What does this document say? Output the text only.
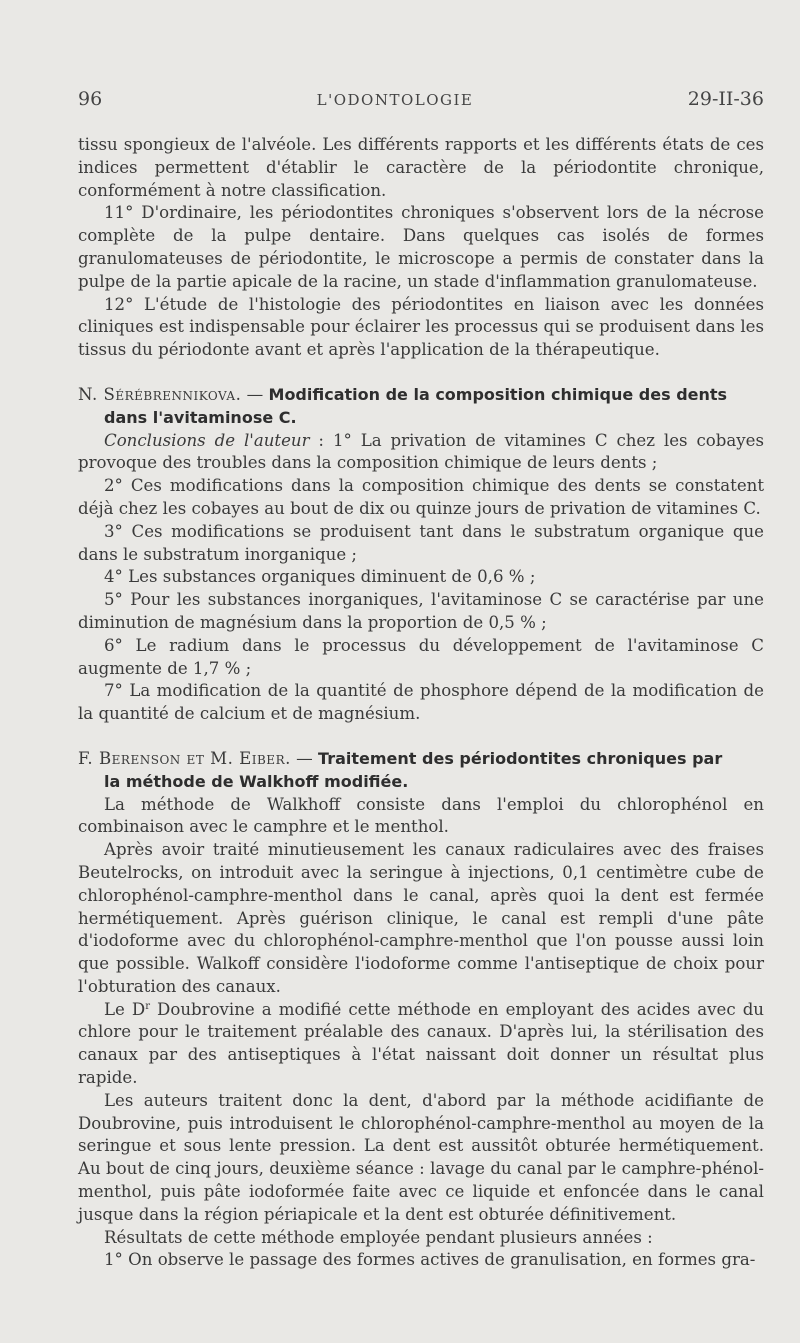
96	L'ODONTOLOGIE	29-II-36

tissu spongieux de l'alvéole. Les différents rapports et les différents états de ces indices permettent d'établir le caractère de la périodontite chronique, conformément à notre classification.

11° D'ordinaire, les périodontites chroniques s'observent lors de la nécrose complète de la pulpe dentaire. Dans quelques cas isolés de formes granulomateuses de périodontite, le microscope a permis de constater dans la pulpe de la partie apicale de la racine, un stade d'inflammation granulomateuse.

12° L'étude de l'histologie des périodontites en liaison avec les données cliniques est indispensable pour éclairer les processus qui se produisent dans les tissus du périodonte avant et après l'application de la thérapeutique.

N. Sérébrennikova. — Modification de la composition chimique des dents
dans l'avitaminose C.

Conclusions de l'auteur : 1° La privation de vitamines C chez les cobayes provoque des troubles dans la composition chimique de leurs dents ;

2° Ces modifications dans la composition chimique des dents se constatent déjà chez les cobayes au bout de dix ou quinze jours de privation de vitamines C.

3° Ces modifications se produisent tant dans le substratum organique que dans le substratum inorganique ;

4° Les substances organiques diminuent de 0,6 % ;

5° Pour les substances inorganiques, l'avitaminose C se caractérise par une diminution de magnésium dans la proportion de 0,5 % ;

6° Le radium dans le processus du développement de l'avitaminose C augmente de 1,7 % ;

7° La modification de la quantité de phosphore dépend de la modification de la quantité de calcium et de magnésium.

F. Berenson et M. Eiber. — Traitement des périodontites chroniques par
la méthode de Walkhoff modifiée.

La méthode de Walkhoff consiste dans l'emploi du chlorophénol en combinaison avec le camphre et le menthol.

Après avoir traité minutieusement les canaux radiculaires avec des fraises Beutelrocks, on introduit avec la seringue à injections, 0,1 centimètre cube de chlorophénol-camphre-menthol dans le canal, après quoi la dent est fermée hermétiquement. Après guérison clinique, le canal est rempli d'une pâte d'iodoforme avec du chlorophénol-camphre-menthol que l'on pousse aussi loin que possible. Walkoff considère l'iodoforme comme l'antiseptique de choix pour l'obturation des canaux.

Le $D^r$ Doubrovine a modifié cette méthode en employant des acides avec du chlore pour le traitement préalable des canaux. D'après lui, la stérilisation des canaux par des antiseptiques à l'état naissant doit donner un résultat plus rapide.

Les auteurs traitent donc la dent, d'abord par la méthode acidifiante de Doubrovine, puis introduisent le chlorophénol-camphre-menthol au moyen de la seringue et sous lente pression. La dent est aussitôt obturée hermétiquement. Au bout de cinq jours, deuxième séance : lavage du canal par le camphre-phénol-menthol, puis pâte iodoformée faite avec ce liquide et enfoncée dans le canal jusque dans la région périapicale et la dent est obturée définitivement.

Résultats de cette méthode employée pendant plusieurs années :

1° On observe le passage des formes actives de granulisation, en formes gra-
